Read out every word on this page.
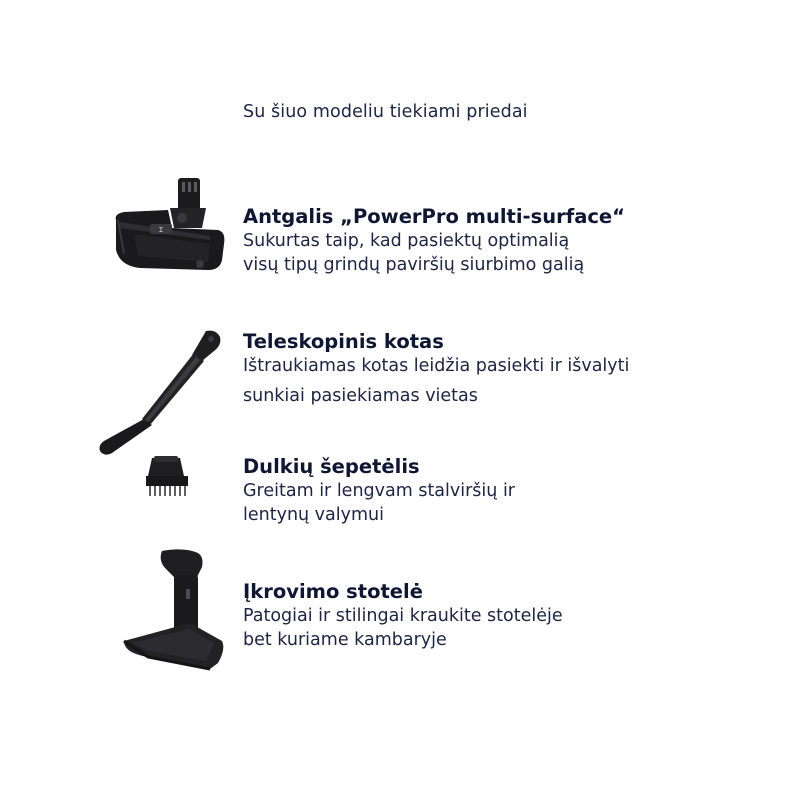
Su šiuo modeliu tiekiami priedai
Σ

Antgalis „PowerPro multi-surface“

Sukurtas taip, kad pasiektų optimalią
visų tipų grindų paviršių siurbimo galią

Teleskopinis kotas

Ištraukiamas kotas leidžia pasiekti ir išvalyti
sunkiai pasiekiamas vietas

Dulkių šepetėlis

Greitam ir lengvam stalviršių ir
lentynų valymui

Įkrovimo stotelė

Patogiai ir stilingai kraukite stotelėje
bet kuriame kambaryje
